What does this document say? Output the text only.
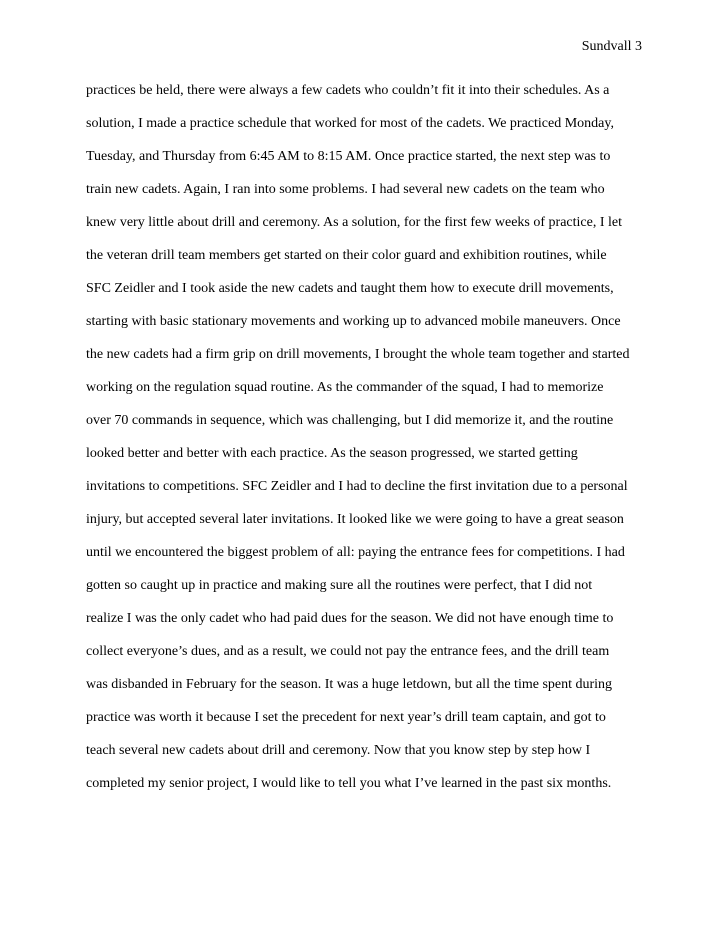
Sundvall 3
practices be held, there were always a few cadets who couldn’t fit it into their schedules. As a
solution, I made a practice schedule that worked for most of the cadets. We practiced Monday,
Tuesday, and Thursday from 6:45 AM to 8:15 AM. Once practice started, the next step was to
train new cadets. Again, I ran into some problems. I had several new cadets on the team who
knew very little about drill and ceremony. As a solution, for the first few weeks of practice, I let
the veteran drill team members get started on their color guard and exhibition routines, while
SFC Zeidler and I took aside the new cadets and taught them how to execute drill movements,
starting with basic stationary movements and working up to advanced mobile maneuvers. Once
the new cadets had a firm grip on drill movements, I brought the whole team together and started
working on the regulation squad routine. As the commander of the squad, I had to memorize
over 70 commands in sequence, which was challenging, but I did memorize it, and the routine
looked better and better with each practice. As the season progressed, we started getting
invitations to competitions. SFC Zeidler and I had to decline the first invitation due to a personal
injury, but accepted several later invitations. It looked like we were going to have a great season
until we encountered the biggest problem of all: paying the entrance fees for competitions. I had
gotten so caught up in practice and making sure all the routines were perfect, that I did not
realize I was the only cadet who had paid dues for the season. We did not have enough time to
collect everyone’s dues, and as a result, we could not pay the entrance fees, and the drill team
was disbanded in February for the season. It was a huge letdown, but all the time spent during
practice was worth it because I set the precedent for next year’s drill team captain, and got to
teach several new cadets about drill and ceremony. Now that you know step by step how I
completed my senior project, I would like to tell you what I’ve learned in the past six months.
